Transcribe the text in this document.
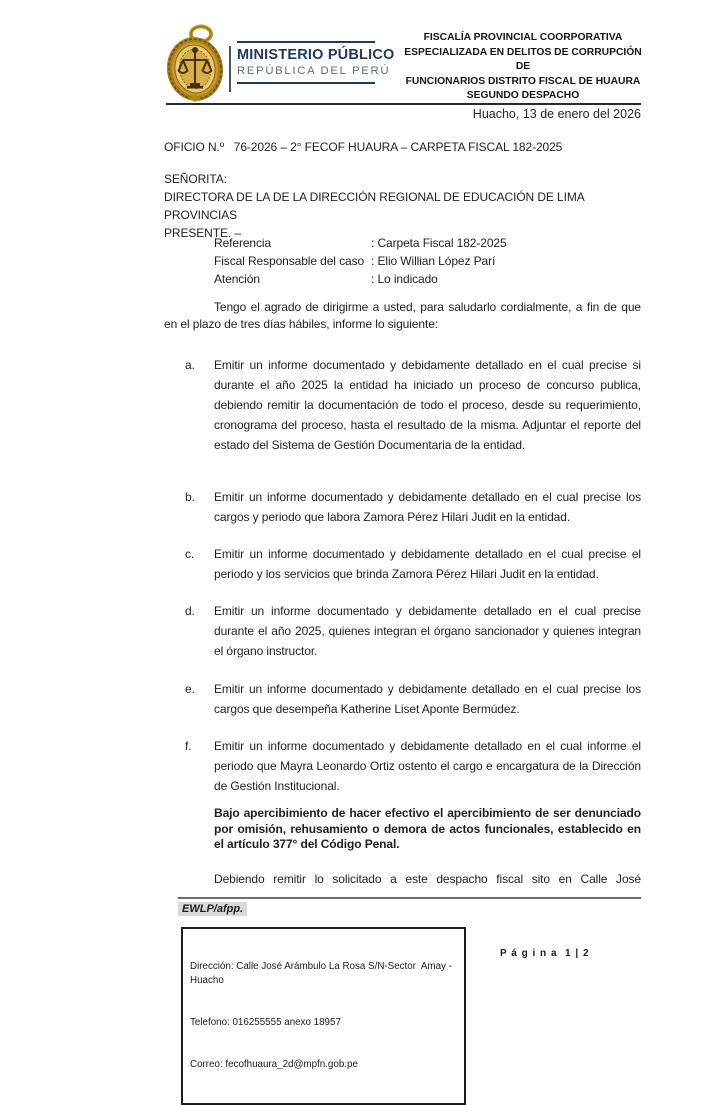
MINISTERIO PÚBLICO
REPÚBLICA DEL PERÚ
FISCALÍA PROVINCIAL COORPORATIVA
ESPECIALIZADA EN DELITOS DE CORRUPCIÓN DE
FUNCIONARIOS DISTRITO FISCAL DE HUAURA
SEGUNDO DESPACHO
Huacho, 13 de enero del 2026
OFICIO N.º   76-2026 – 2° FECOF HUAURA – CARPETA FISCAL 182-2025
SEÑORITA:
DIRECTORA DE LA DE LA DIRECCIÓN REGIONAL DE EDUCACIÓN DE LIMA PROVINCIAS
PRESENTE. –
Referencia	: Carpeta Fiscal 182-2025
Fiscal Responsable del caso : Elio Willian López Parí
Atención	: Lo indicado
Tengo el agrado de dirigirme a usted, para saludarlo cordialmente, a fin de que en el plazo de tres días hábiles, informe lo siguiente:
a. Emitir un informe documentado y debidamente detallado en el cual precise si durante el año 2025 la entidad ha iniciado un proceso de concurso publica, debiendo remitir la documentación de todo el proceso, desde su requerimiento, cronograma del proceso, hasta el resultado de la misma. Adjuntar el reporte del estado del Sistema de Gestión Documentaria de la entidad.
b. Emitir un informe documentado y debidamente detallado en el cual precise los cargos y periodo que labora Zamora Pérez Hilari Judit en la entidad.
c. Emitir un informe documentado y debidamente detallado en el cual precise el periodo y los servicios que brinda Zamora Pérez Hilari Judit en la entidad.
d. Emitir un informe documentado y debidamente detallado en el cual precise durante el año 2025, quienes integran el órgano sancionador y quienes integran el órgano instructor.
e. Emitir un informe documentado y debidamente detallado en el cual precise los cargos que desempeña Katherine Liset Aponte Bermúdez.
f. Emitir un informe documentado y debidamente detallado en el cual informe el periodo que Mayra Leonardo Ortiz ostento el cargo e encargatura de la Dirección de Gestión Institucional.
Bajo apercibimiento de hacer efectivo el apercibimiento de ser denunciado por omisión, rehusamiento o demora de actos funcionales, establecido en el artículo 377° del Código Penal.
Debiendo remitir lo solicitado a este despacho fiscal sito en Calle José
EWLP/afpp.

Dirección: Calle José Arámbulo La Rosa S/N-Sector  Amay - Huacho

Telefono: 016255555 anexo 18957

Correo: fecofhuaura_2d@mpfn.gob.pe

P á g i n a  1 | 2
